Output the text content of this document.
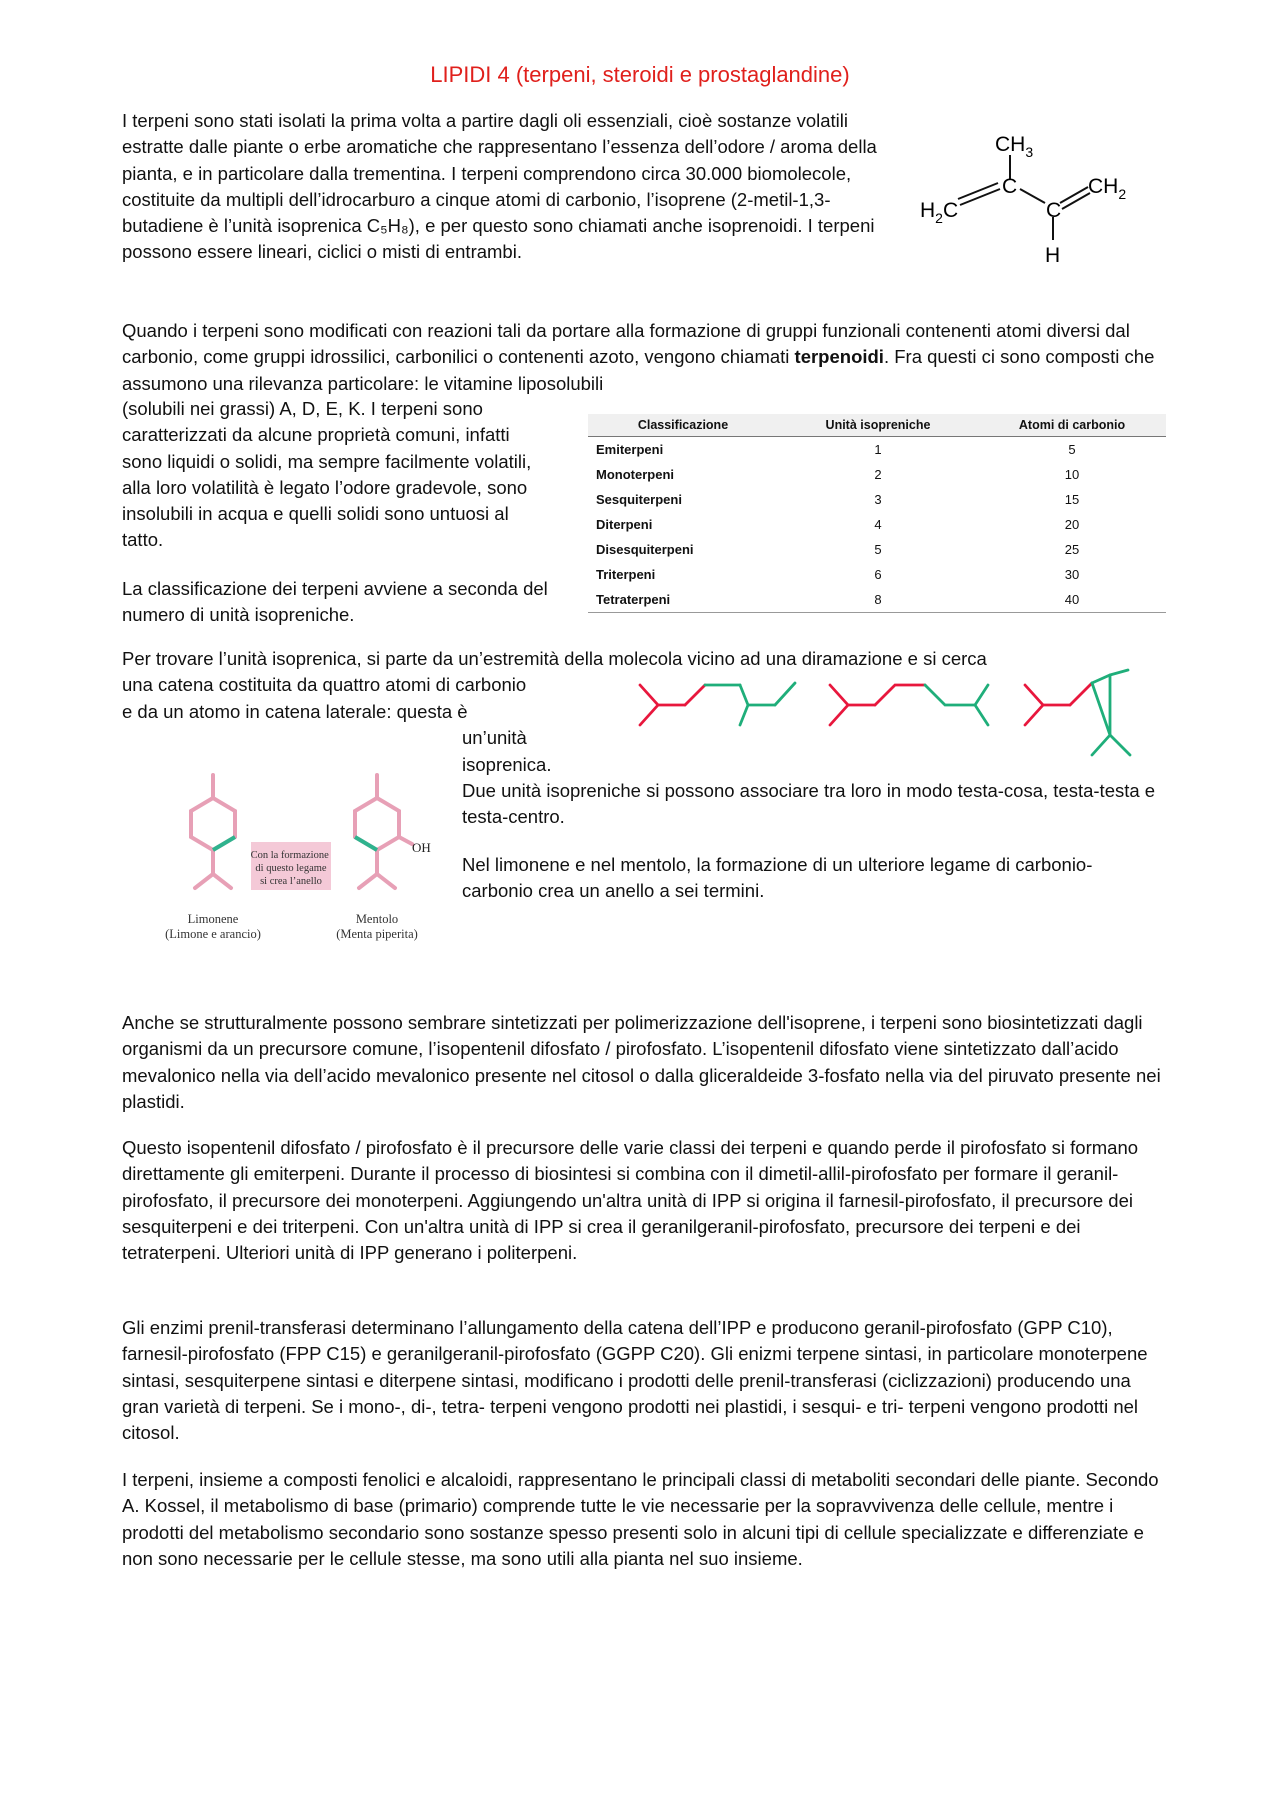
LIPIDI 4 (terpeni, steroidi e prostaglandine)

I terpeni sono stati isolati la prima volta a partire dagli oli essenziali, cioè sostanze volatili estratte dalle piante o erbe aromatiche che rappresentano l’essenza dell’odore / aroma della pianta, e in particolare dalla trementina. I terpeni comprendono circa 30.000 biomolecole, costituite da multipli dell’idrocarburo a cinque atomi di carbonio, l’isoprene (2-metil-1,3-butadiene è l’unità isoprenica C₅H₈), e per questo sono chiamati anche isoprenoidi. I terpeni possono essere lineari, ciclici o misti di entrambi.

$CH_3$
C
C
$CH_2$
$H_2C$
H

Quando i terpeni sono modificati con reazioni tali da portare alla formazione di gruppi funzionali contenenti atomi diversi dal carbonio, come gruppi idrossilici, carbonilici o contenenti azoto, vengono chiamati terpenoidi. Fra questi ci sono composti che assumono una rilevanza particolare: le vitamine liposolubili

(solubili nei grassi) A, D, E, K. I terpeni sono caratterizzati da alcune proprietà comuni, infatti sono liquidi o solidi, ma sempre facilmente volatili, alla loro volatilità è legato l’odore gradevole, sono insolubili in acqua e quelli solidi sono untuosi al tatto.

La classificazione dei terpeni avviene a seconda del numero di unità isopreniche.

Classificazione	Unità isopreniche	Atomi di carbonio
Emiterpeni	1	5
Monoterpeni	2	10
Sesquiterpeni	3	15
Diterpeni	4	20
Disesquiterpeni	5	25
Triterpeni	6	30
Tetraterpeni	8	40

Per trovare l’unità isoprenica, si parte da un’estremità della molecola vicino ad una diramazione e si cerca

una catena costituita da quattro atomi di carbonio

e da un atomo in catena laterale: questa è

un’unità

isoprenica.

Con la formazione di questo legame si crea l’anello
OH
Limonene
(Limone e arancio)
Mentolo
(Menta piperita)

Due unità isopreniche si possono associare tra loro in modo testa-cosa, testa-testa e testa-centro.

Nel limonene e nel mentolo, la formazione di un ulteriore legame di carbonio-carbonio crea un anello a sei termini.

Anche se strutturalmente possono sembrare sintetizzati per polimerizzazione dell'isoprene, i terpeni sono biosintetizzati dagli organismi da un precursore comune, l’isopentenil difosfato / pirofosfato. L’isopentenil difosfato viene sintetizzato dall’acido mevalonico nella via dell’acido mevalonico presente nel citosol o dalla gliceraldeide 3-fosfato nella via del piruvato presente nei plastidi.

Questo isopentenil difosfato / pirofosfato è il precursore delle varie classi dei terpeni e quando perde il pirofosfato si formano direttamente gli emiterpeni. Durante il processo di biosintesi si combina con il dimetil-allil-pirofosfato per formare il geranil-pirofosfato, il precursore dei monoterpeni. Aggiungendo un'altra unità di IPP si origina il farnesil-pirofosfato, il precursore dei sesquiterpeni e dei triterpeni. Con un'altra unità di IPP si crea il geranilgeranil-pirofosfato, precursore dei terpeni e dei tetraterpeni. Ulteriori unità di IPP generano i politerpeni.

Gli enzimi prenil-transferasi determinano l’allungamento della catena dell’IPP e producono geranil-pirofosfato (GPP C10), farnesil-pirofosfato (FPP C15) e geranilgeranil-pirofosfato (GGPP C20). Gli enizmi terpene sintasi, in particolare monoterpene sintasi, sesquiterpene sintasi e diterpene sintasi, modificano i prodotti delle prenil-transferasi (ciclizzazioni) producendo una gran varietà di terpeni. Se i mono-, di-, tetra- terpeni vengono prodotti nei plastidi, i sesqui- e tri- terpeni vengono prodotti nel citosol.

I terpeni, insieme a composti fenolici e alcaloidi, rappresentano le principali classi di metaboliti secondari delle piante. Secondo A. Kossel, il metabolismo di base (primario) comprende tutte le vie necessarie per la sopravvivenza delle cellule, mentre i prodotti del metabolismo secondario sono sostanze spesso presenti solo in alcuni tipi di cellule specializzate e differenziate e non sono necessarie per le cellule stesse, ma sono utili alla pianta nel suo insieme.
